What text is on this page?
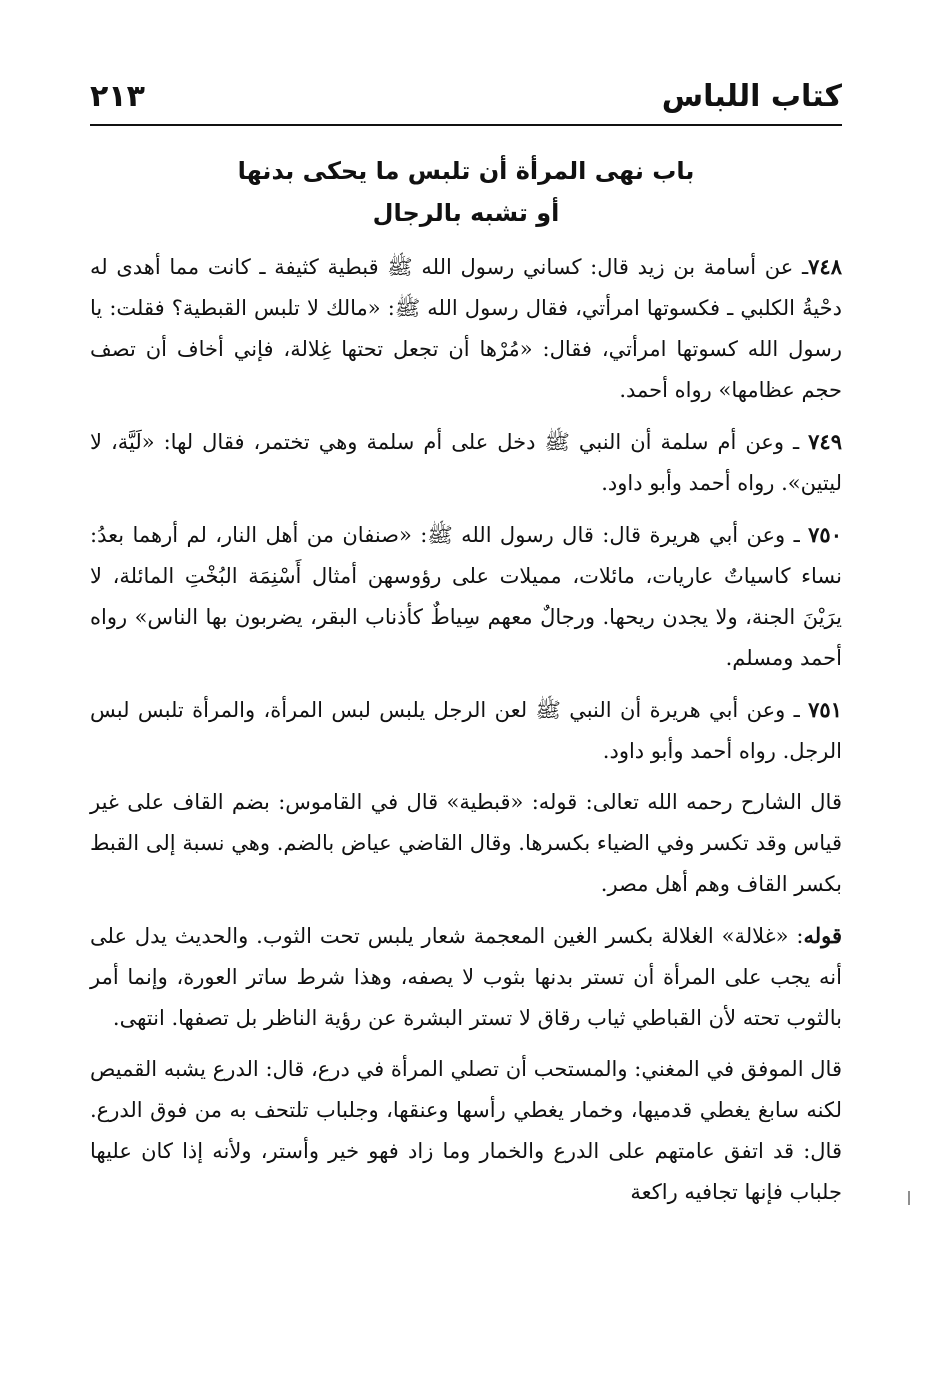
كتاب اللباس
٢١٣
باب نهى المرأة أن تلبس ما يحكى بدنها
أو تشبه بالرجال

٧٤٨ـ عن أسامة بن زيد قال: كساني رسول الله ﷺ قبطية كثيفة ـ كانت مما أهدى له دحْيةُ الكلبي ـ فكسوتها امرأتي، فقال رسول الله ﷺ: «مالك لا تلبس القبطية؟ فقلت: يا رسول الله كسوتها امرأتي، فقال: «مُرْها أن تجعل تحتها غِلالة، فإني أخاف أن تصف حجم عظامها» رواه أحمد.

٧٤٩ ـ وعن أم سلمة أن النبي ﷺ دخل على أم سلمة وهي تختمر، فقال لها: «لَيَّة، لا ليتين». رواه أحمد وأبو داود.

٧٥٠ ـ وعن أبي هريرة قال: قال رسول الله ﷺ: «صنفان من أهل النار، لم أرهما بعدُ: نساء كاسياتٌ عاريات، مائلات، مميلات على رؤوسهن أمثال أَسْنِمَة البُخْتِ المائلة، لا يرَيْنَ الجنة، ولا يجدن ريحها. ورجالٌ معهم سِياطٌ كأذناب البقر، يضربون بها الناس» رواه أحمد ومسلم.

٧٥١ ـ وعن أبي هريرة أن النبي ﷺ لعن الرجل يلبس لبس المرأة، والمرأة تلبس لبس الرجل. رواه أحمد وأبو داود.

قال الشارح رحمه الله تعالى: قوله: «قبطية» قال في القاموس: بضم القاف على غير قياس وقد تكسر وفي الضياء بكسرها. وقال القاضي عياض بالضم. وهي نسبة إلى القبط بكسر القاف وهم أهل مصر.

قوله: «غلالة» الغلالة بكسر الغين المعجمة شعار يلبس تحت الثوب. والحديث يدل على أنه يجب على المرأة أن تستر بدنها بثوب لا يصفه، وهذا شرط ساتر العورة، وإنما أمر بالثوب تحته لأن القباطي ثياب رقاق لا تستر البشرة عن رؤية الناظر بل تصفها. انتهى.

قال الموفق في المغني: والمستحب أن تصلي المرأة في درع، قال: الدرع يشبه القميص لكنه سابغ يغطي قدميها، وخمار يغطي رأسها وعنقها، وجلباب تلتحف به من فوق الدرع. قال: قد اتفق عامتهم على الدرع والخمار وما زاد فهو خير وأستر، ولأنه إذا كان عليها جلباب فإنها تجافيه راكعة
